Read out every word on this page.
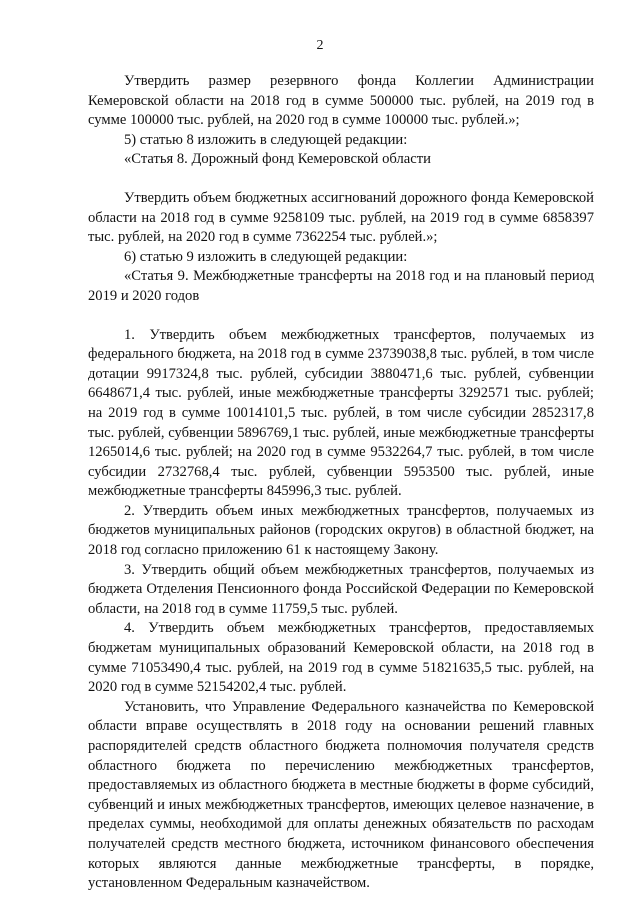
2

Утвердить размер резервного фонда Коллегии Администрации Кемеровской области на 2018 год в сумме 500000 тыс. рублей, на 2019 год в сумме 100000 тыс. рублей, на 2020 год в сумме 100000 тыс. рублей.»;

5) статью 8 изложить в следующей редакции:

«Статья 8. Дорожный фонд Кемеровской области

Утвердить объем бюджетных ассигнований дорожного фонда Кемеровской области на 2018 год в сумме 9258109 тыс. рублей, на 2019 год в сумме 6858397 тыс. рублей, на 2020 год в сумме 7362254 тыс. рублей.»;

6) статью 9 изложить в следующей редакции:

«Статья 9. Межбюджетные трансферты на 2018 год и на плановый период 2019 и 2020 годов

1. Утвердить объем межбюджетных трансфертов, получаемых из федерального бюджета, на 2018 год в сумме 23739038,8 тыс. рублей, в том числе дотации 9917324,8 тыс. рублей, субсидии 3880471,6 тыс. рублей, субвенции 6648671,4 тыс. рублей, иные межбюджетные трансферты 3292571 тыс. рублей; на 2019 год в сумме 10014101,5 тыс. рублей, в том числе субсидии 2852317,8 тыс. рублей, субвенции 5896769,1 тыс. рублей, иные межбюджетные трансферты 1265014,6 тыс. рублей; на 2020 год в сумме 9532264,7 тыс. рублей, в том числе субсидии 2732768,4 тыс. рублей, субвенции 5953500 тыс. рублей, иные межбюджетные трансферты 845996,3 тыс. рублей.

2. Утвердить объем иных межбюджетных трансфертов, получаемых из бюджетов муниципальных районов (городских округов) в областной бюджет, на 2018 год согласно приложению 61 к настоящему Закону.

3. Утвердить общий объем межбюджетных трансфертов, получаемых из бюджета Отделения Пенсионного фонда Российской Федерации по Кемеровской области, на 2018 год в сумме 11759,5 тыс. рублей.

4. Утвердить объем межбюджетных трансфертов, предоставляемых бюджетам муниципальных образований Кемеровской области, на 2018 год в сумме 71053490,4 тыс. рублей, на 2019 год в сумме 51821635,5 тыс. рублей, на 2020 год в сумме 52154202,4 тыс. рублей.

Установить, что Управление Федерального казначейства по Кемеровской области вправе осуществлять в 2018 году на основании решений главных распорядителей средств областного бюджета полномочия получателя средств областного бюджета по перечислению межбюджетных трансфертов, предоставляемых из областного бюджета в местные бюджеты в форме субсидий, субвенций и иных межбюджетных трансфертов, имеющих целевое назначение, в пределах суммы, необходимой для оплаты денежных обязательств по расходам получателей средств местного бюджета, источником финансового обеспечения которых являются данные межбюджетные трансферты, в порядке, установленном Федеральным казначейством.
